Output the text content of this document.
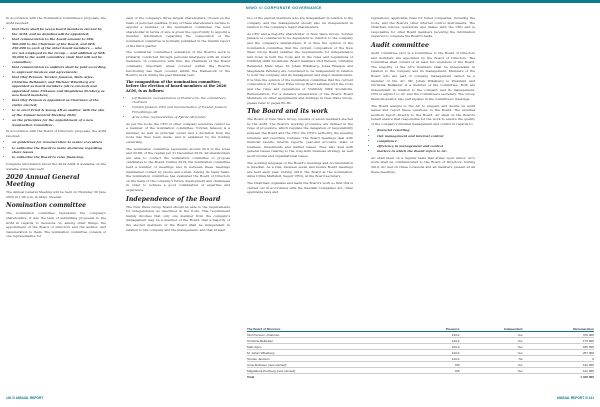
NIWO /// CORPORATE GOVERNANCE

In accordance with the Nomination Committee's proposals, the AGM resolved:

• that there shall be seven board members elected by the AGM, and no deputies will be appointed;
• that remuneration to the board amount to SEK 500,000 to the Chairman of the Board, and SEK 250,000 to each of the other board members — who are not employed in the Group — and addition of SEK 50,000 to the audit committee chair that will not be committee;
• that remuneration to auditors shall be paid according to approved invoices and agreements;
• that Olof Persson, Torsten Jansson, Mats Arjes, Christina Bellander, and Michael Wikelberg are appointed as board members (all re-elected) and appointed Anne Eriksson and Magdalena Persberg as new board members;
• that Olof Persson is appointed as Chairman of the entire elected;
• to re-elect Ernst & Young AB as auditor, with the aim of the Annual General Meeting 2020;
• on the principles for the appointment of a new Nomination Committee.

In accordance with the Board of Directors' proposals, the AGM resolved:

• on guidelines for remuneration to senior executives
• to authorise the Board to make decisions regarding share issues
• to authorise the Board to raise financing.

Complete information about the 2019 AGM is available on the website, www.niwo.se/ir.

2020 Annual General Meeting

The Annual General Meeting will be held on Thursday 30 June 2020 at 1:00 p.m. in Växjö, Sweden.

Nomination committee

The nomination committee represents the company's shareholders. It has the task of submitting proposals to the AGM in regards to decisions on, among other things, the appointment of the Board of Directors and the auditor, and remuneration to them. The nomination committee consists of one representative for

each of the company's three largest shareholders, chosen on the basis of personal qualities. If any of these shareholders decline to appoint a member of the nomination committee, the next shareholder in terms of size is given the opportunity to appoint a member. Information regarding the composition of the nomination committee is normally published in the interim report of the third quarter.

The nomination committee's evaluation of the Board's work is primarily conducted through personal interviews with all board members. In connection with this, the Chairman of the Board comments important areas covered within the Board's functioning has been covered within the framework of the Board's work during the past financial year.

The composition of the nomination committee, before the election of board members at the 2020 AGM, is as follows:
• Ulf Hedlund, representative of Holdercorp, the committee's chairman
• Torsten Jansson, CEO and representative of Torsten Jansson Förvaltnings AB
• Arne Lööw, representative of Fjärde AP-fonden

As per the Code, the CEO or other company executive cannot be a member of the nomination committee. Torsten Jansson is a member, as well as principal owner and a deviation from the Code has thus been made, and is explained by his holding ownership.

The nomination committee represents around 30.9 of the votes and 33.9% of the capital per 31 December 2019. All shareholders are able to contact the nomination committee to propose candidates to the Board. During 2019, the nomination committee held a number of meetings and in between these meetings maintained contact by phone and e-mail. Among its many tasks, the nomination committee has evaluated the Board of Directors on the basis of the company's future development and challenges in order to achieve a good combination of expertise and experience.

Independence of the Board

The New Wave Group Board should be able to the requirements for independence as described in the Code. This requirement mainly involves that only one member from the company's management may be a member of the Board, that a majority of the elected members of the Board shall be independent in relation to the company and the management, and that at least

two of the elected members who are independent in relation to the company and the management should also be independent in relation to the company's major shareholders.

As CEO and a majority shareholder of New Wave Group, Torsten Jansson is considered to be dependent in relation to the company and the company's shareholders. It is thus the opinion of the nomination committee that the current composition of the New Wave Group Board satisfies the requirements for independence laid down in both the Code and in the rules and regulations of NASDAQ OMX Stockholm. Board members Olof Persson, Christina Bellander, Mats Arjes, M. Johan Wikelberg, Jonas Eliasson and Magdalena Persberg are considered to be independent in relation to both the company and its management and major shareholders. It is thus the opinion of the nomination committee that the current composition of the New Wave Group Board satisfies both the Code and the rules and regulations of NASDAQ OMX Stockholm. Remuneration. For a detailed presentation of the Board, Board Members on other assignments and holdings in New Wave Group, please refer to pages 85–86.

The Board and its work

The Board of New Wave Group consists of seven members elected by the AGM. The Board's working procedure are defined in the rules of procedure, which regulate the delegation of responsibility between the Board and the CEO, the CEO's authority, the meeting schedule and reporting routines. The Board meetings deal with financial results, interim reports, year-end accounts, state of business, investments and market issues. They also deal with general issues relating to the long-term business strategy as well as structural and organisational issues.

The working language of the Board's meetings and documentation is Swedish. As a rule, between seven and twelve Board meetings are held each year. During 2019, the Board at the nomination, Anna Ulrika Mattsfelt, Segerr CEO), at the Board secretary.

The Chairman organises and leads the Board's work so that this is carried out in accordance with the Swedish Companies Act, other applicable laws and

regulations, applicable rules for listed companies, including the Code, and the Board's other internal control instruments. The Chairman follows operations and liaises with the CEO and is responsible for other Board members receiving the information required to complete the Board's tasks.

Audit committee

Audit committee (AC) is a Committee to the Board of Directors and members are appointed by the Board of Directors. The Committee shall consist of at least two members of the Board. The majority of the AC's members shall be independent in relation to the company and its management. Members of the Board who are part of company management cannot be a member of the AC. Mr. Johan Wikelberg is President and Christina Bellander is a member of the Committee. Both are independent in relation to the company and its management. CFO is adjunct to AC and the Committee's secretary. The Group financial auditor also participates in the committee's meetings.

The Board assigns to the AC to prepare and decide on audit issues and report these questions to the Board. The external auditors report directly to the Board. AC shall on the Board's behalf ensure that responsible for the work to ensure the quality of the company's internal management and control in regards to:

• financial reporting
• risk management and internal control
• compliance
• efficiency in management and control
• matters in which the Board refers to AC.

AC shall meet on a regular basis that arises upon senior. AC's work shall be communicated to the Board of Directors. During 2019, AC met on three occasions and all members present at all these meetings.

The Board of Directors	Presence	Independent	Remuneration
Olof Persson, chairman	12/12	Yes	370 000
Christina Bellander	12/12	Yes	175 000
Mats Arjes	10/12	Yes	185 000
M. Johan Wikelberg	12/12	Yes	257 000
Torsten Jansson	12/12	No	0
Anne Eriksson (new elected)	8/8	Yes	122 000
Magdalena Persberg (new elected)	8/8	Yes	122 000
Total			1 346 000
140 /// ANNUAL REPORT	ANNUAL REPORT /// 141
